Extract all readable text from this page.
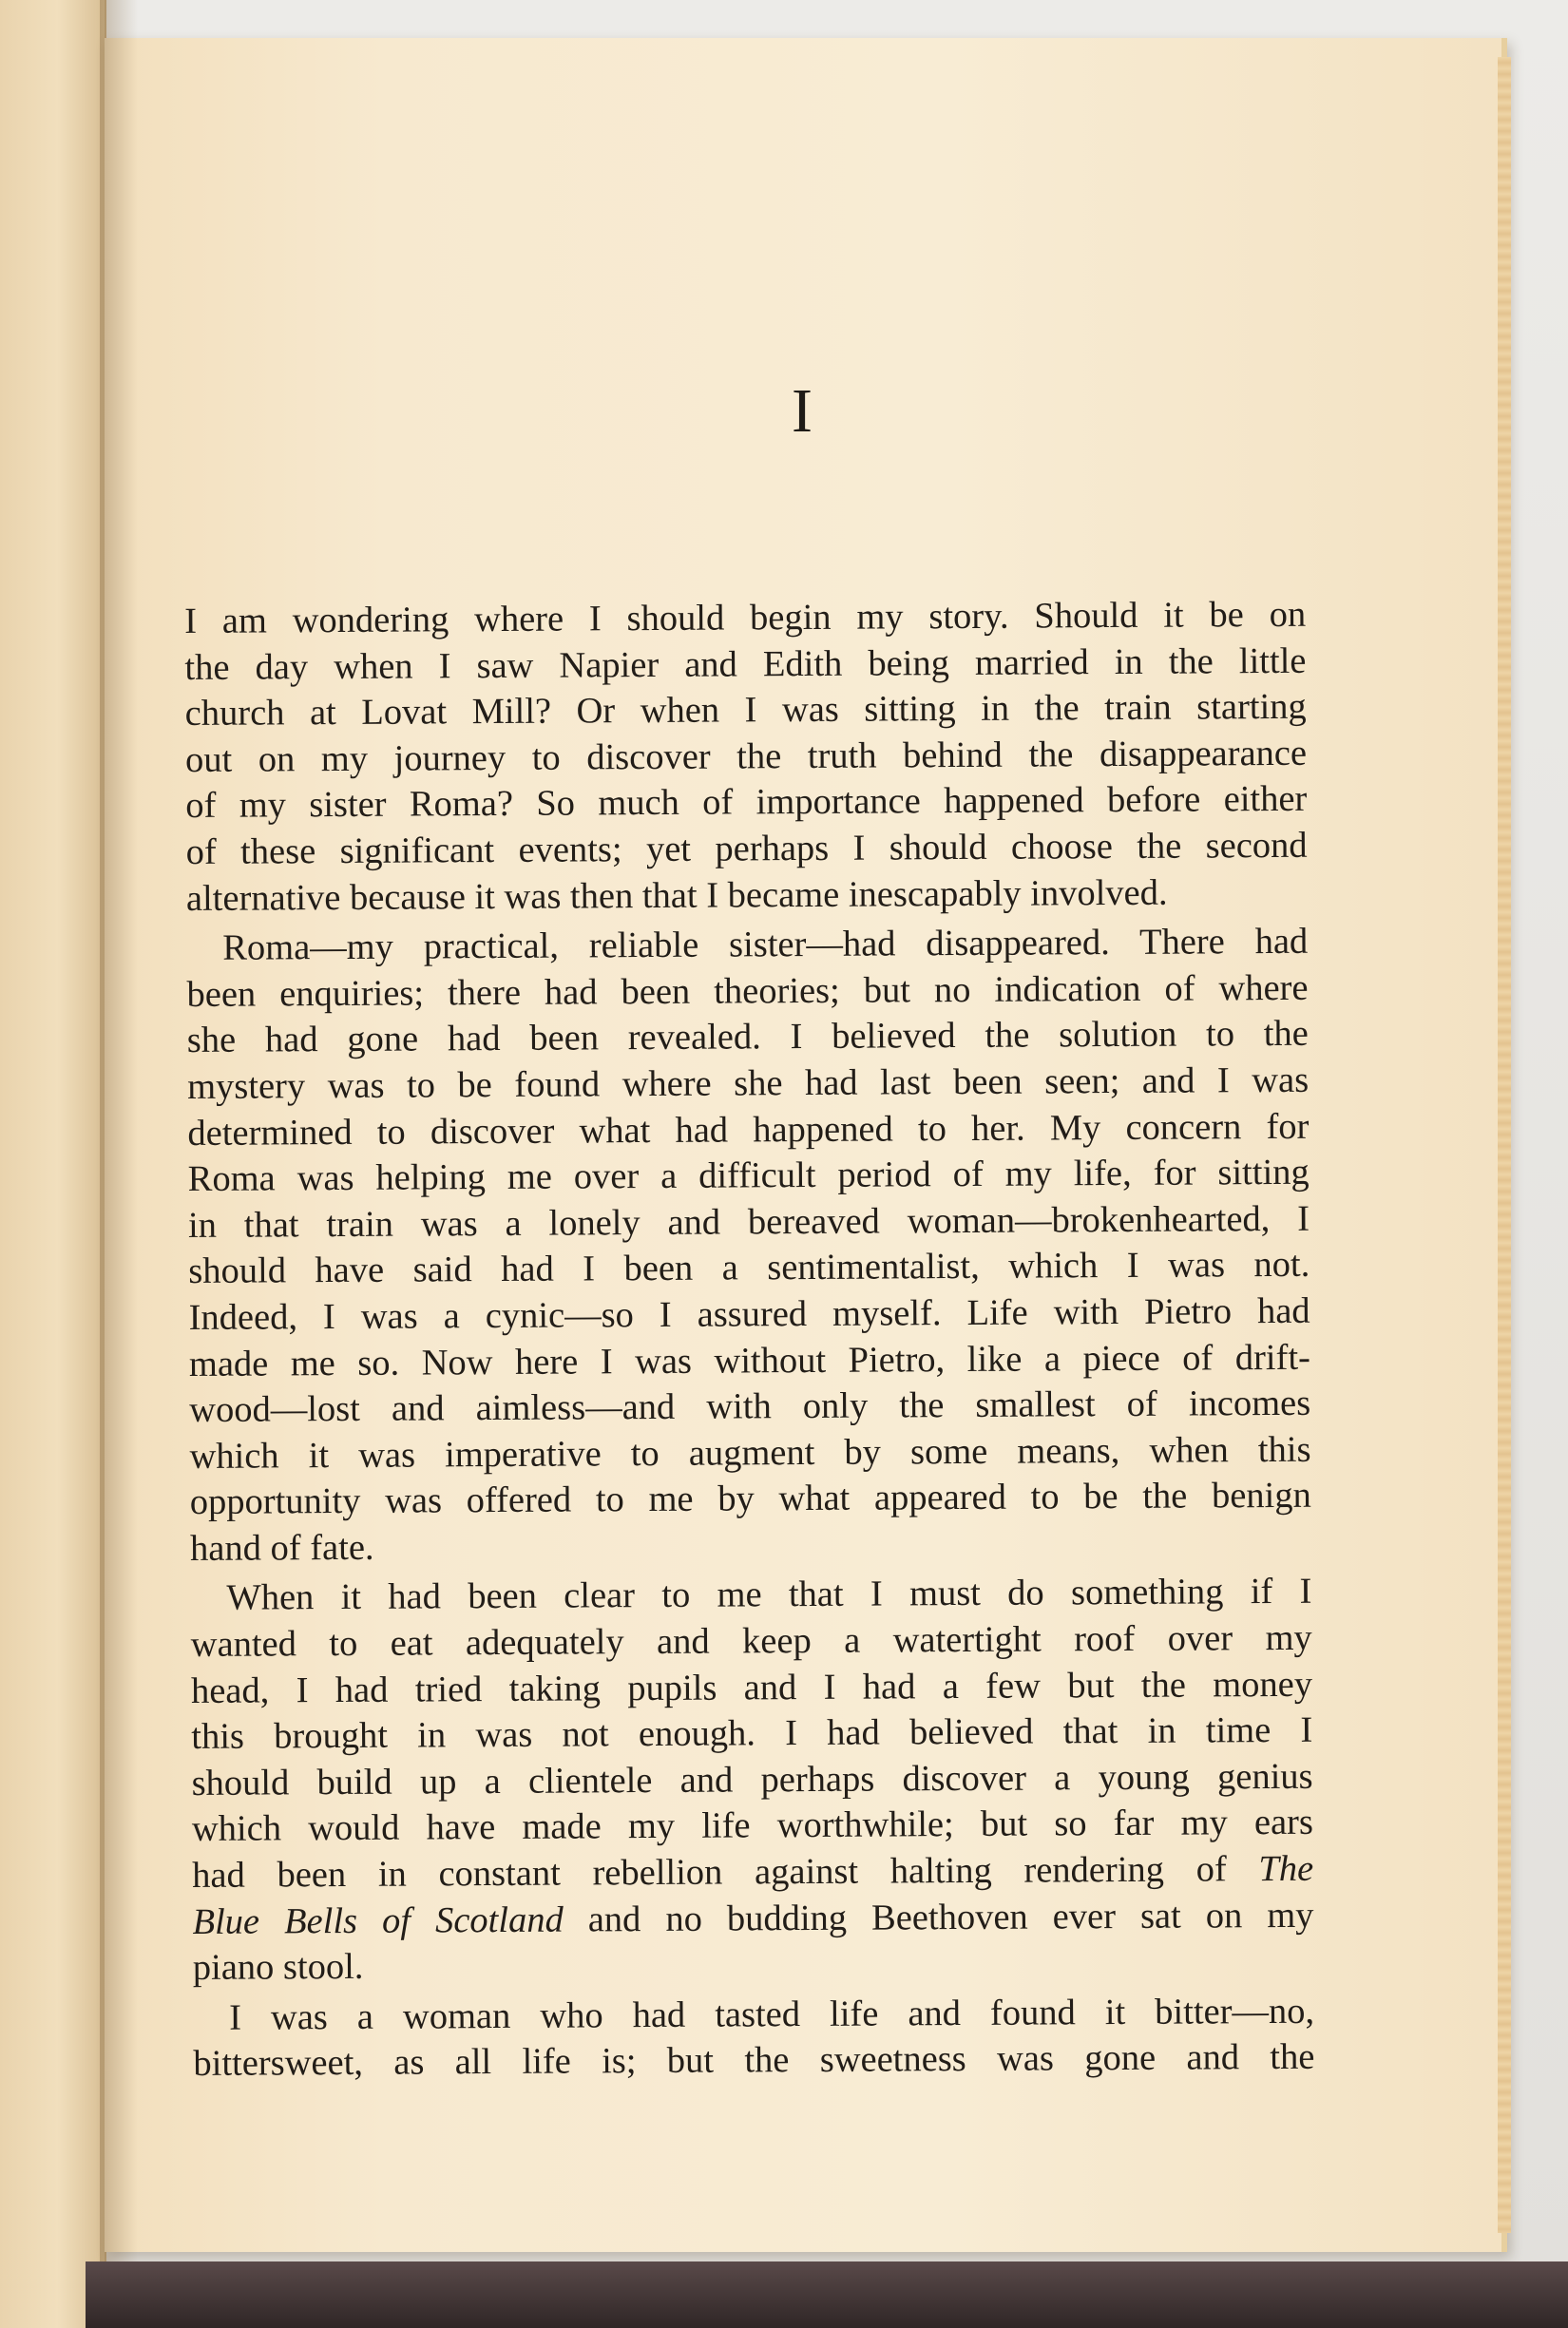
I

I am wondering where I should begin my story. Should it be on
the day when I saw Napier and Edith being married in the little
church at Lovat Mill? Or when I was sitting in the train starting
out on my journey to discover the truth behind the disappearance
of my sister Roma? So much of importance happened before either
of these significant events; yet perhaps I should choose the second
alternative because it was then that I became inescapably involved.

Roma—my practical, reliable sister—had disappeared. There had
been enquiries; there had been theories; but no indication of where
she had gone had been revealed. I believed the solution to the
mystery was to be found where she had last been seen; and I was
determined to discover what had happened to her. My concern for
Roma was helping me over a difficult period of my life, for sitting
in that train was a lonely and bereaved woman—brokenhearted, I
should have said had I been a sentimentalist, which I was not.
Indeed, I was a cynic—so I assured myself. Life with Pietro had
made me so. Now here I was without Pietro, like a piece of drift-
wood—lost and aimless—and with only the smallest of incomes
which it was imperative to augment by some means, when this
opportunity was offered to me by what appeared to be the benign
hand of fate.

When it had been clear to me that I must do something if I
wanted to eat adequately and keep a watertight roof over my
head, I had tried taking pupils and I had a few but the money
this brought in was not enough. I had believed that in time I
should build up a clientele and perhaps discover a young genius
which would have made my life worthwhile; but so far my ears
had been in constant rebellion against halting rendering of The
Blue Bells of Scotland and no budding Beethoven ever sat on my
piano stool.

I was a woman who had tasted life and found it bitter—no,
bittersweet, as all life is; but the sweetness was gone and the
